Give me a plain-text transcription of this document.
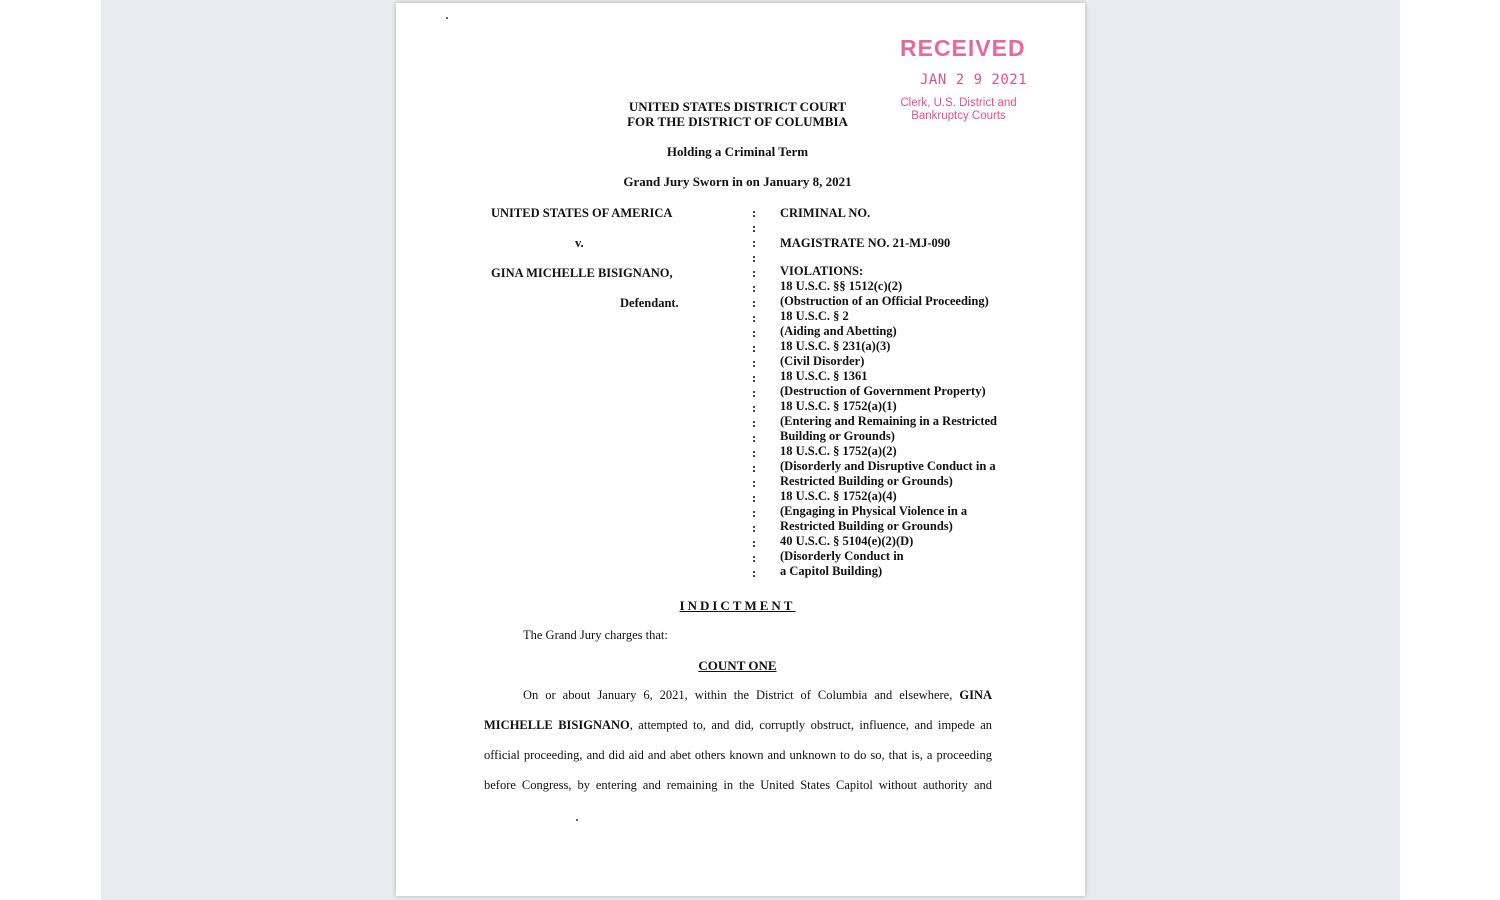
RECEIVED
JAN 2 9 2021
Clerk, U.S. District and
Bankruptcy Courts
UNITED STATES DISTRICT COURT
FOR THE DISTRICT OF COLUMBIA
Holding a Criminal Term
Grand Jury Sworn in on January 8, 2021
UNITED STATES OF AMERICA
v.
GINA MICHELLE BISIGNANO,
Defendant.
:
:
:
:
:
:
:
:
:
:
:
:
:
:
:
:
:
:
:
:
:
:
:
:
:
CRIMINAL NO.
MAGISTRATE NO. 21-MJ-090
VIOLATIONS:
18 U.S.C. §§ 1512(c)(2)
(Obstruction of an Official Proceeding)
18 U.S.C. § 2
(Aiding and Abetting)
18 U.S.C. § 231(a)(3)
(Civil Disorder)
18 U.S.C. § 1361
(Destruction of Government Property)
18 U.S.C. § 1752(a)(1)
(Entering and Remaining in a Restricted
Building or Grounds)
18 U.S.C. § 1752(a)(2)
(Disorderly and Disruptive Conduct in a
Restricted Building or Grounds)
18 U.S.C. § 1752(a)(4)
(Engaging in Physical Violence in a
Restricted Building or Grounds)
40 U.S.C. § 5104(e)(2)(D)
(Disorderly Conduct in
a Capitol Building)
INDICTMENT
The Grand Jury charges that:
COUNT ONE
On or about January 6, 2021, within the District of Columbia and elsewhere, GINA
MICHELLE BISIGNANO, attempted to, and did, corruptly obstruct, influence, and impede an
official proceeding, and did aid and abet others known and unknown to do so, that is, a proceeding
before Congress, by entering and remaining in the United States Capitol without authority and
